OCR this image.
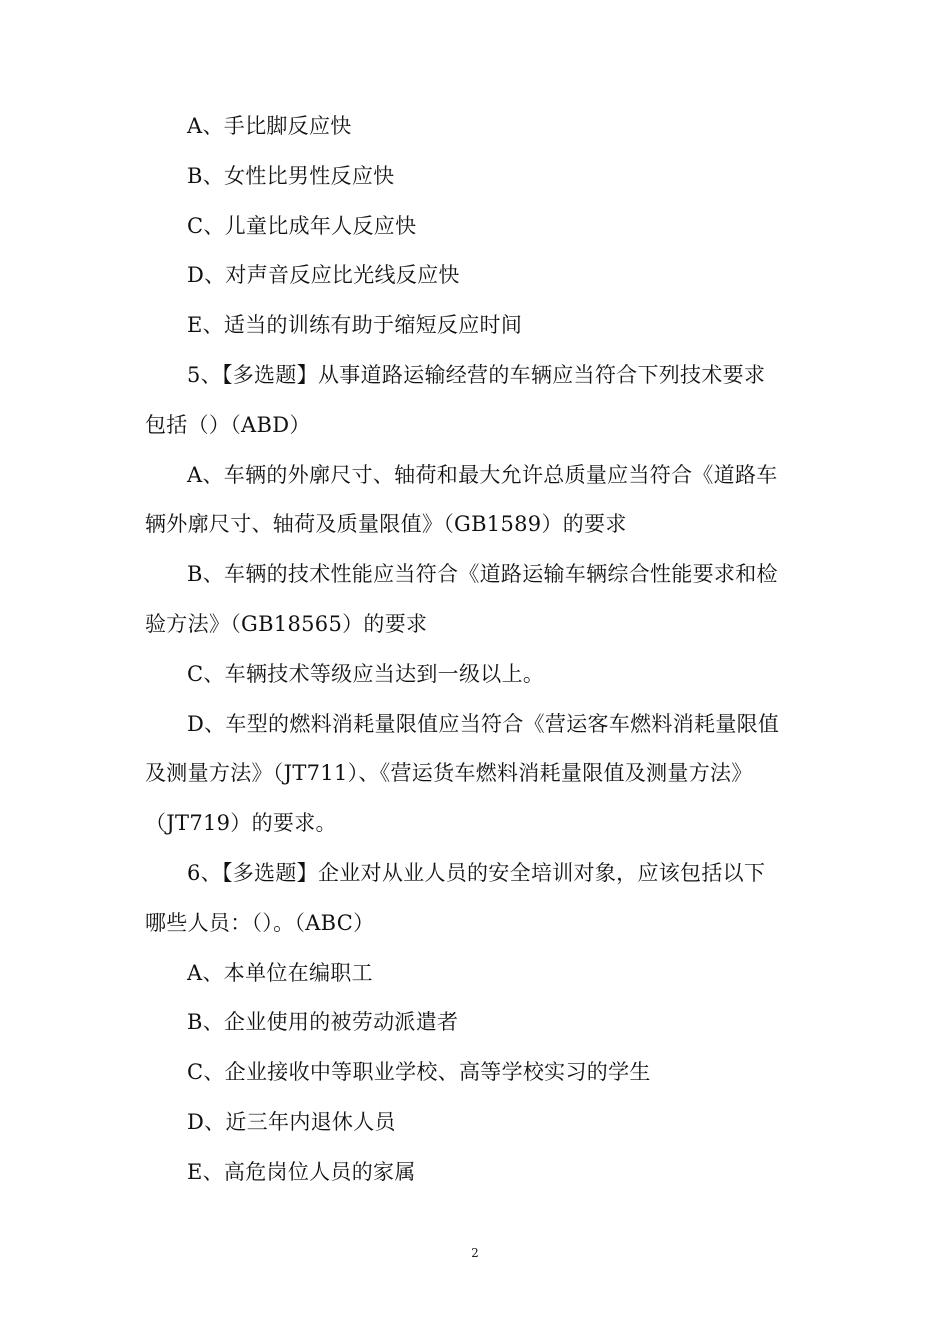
A、手比脚反应快
B、女性比男性反应快
C、儿童比成年人反应快
D、对声音反应比光线反应快
E、适当的训练有助于缩短反应时间
5、【多选题】从事道路运输经营的车辆应当符合下列技术要求
包括（）（ABD）
A、车辆的外廓尺寸、轴荷和最大允许总质量应当符合《道路车
辆外廓尺寸、轴荷及质量限值》（GB1589）的要求
B、车辆的技术性能应当符合《道路运输车辆综合性能要求和检
验方法》（GB18565）的要求
C、车辆技术等级应当达到一级以上。
D、车型的燃料消耗量限值应当符合《营运客车燃料消耗量限值
及测量方法》（JT711）、《营运货车燃料消耗量限值及测量方法》
（JT719）的要求。
6、【多选题】企业对从业人员的安全培训对象，应该包括以下
哪些人员：（）。（ABC）
A、本单位在编职工
B、企业使用的被劳动派遣者
C、企业接收中等职业学校、高等学校实习的学生
D、近三年内退休人员
E、高危岗位人员的家属
2
